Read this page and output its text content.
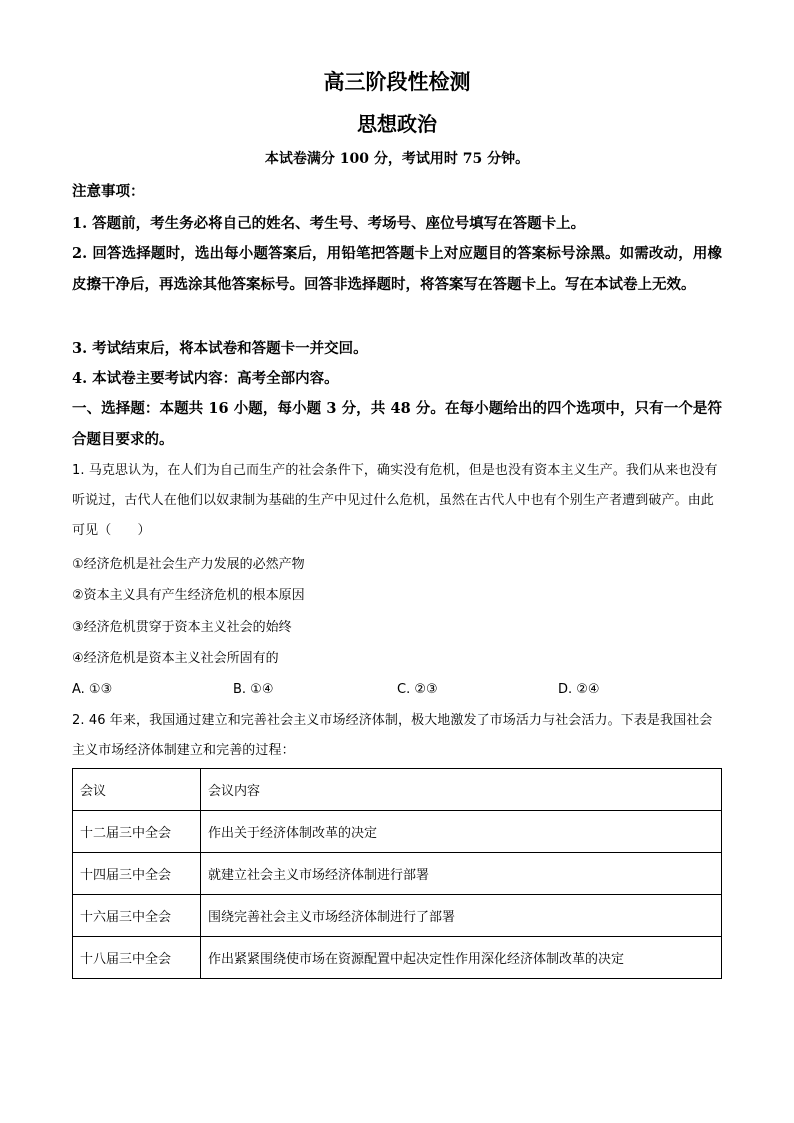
高三阶段性检测
思想政治
本试卷满分 100 分，考试用时 75 分钟。
注意事项：
1. 答题前，考生务必将自己的姓名、考生号、考场号、座位号填写在答题卡上。
2. 回答选择题时，选出每小题答案后，用铅笔把答题卡上对应题目的答案标号涂黑。如需改动，用橡皮擦干净后，再选涂其他答案标号。回答非选择题时，将答案写在答题卡上。写在本试卷上无效。
3. 考试结束后，将本试卷和答题卡一并交回。
4. 本试卷主要考试内容：高考全部内容。
一、选择题：本题共 16 小题，每小题 3 分，共 48 分。在每小题给出的四个选项中，只有一个是符合题目要求的。
1. 马克思认为，在人们为自己而生产的社会条件下，确实没有危机，但是也没有资本主义生产。我们从来也没有听说过，古代人在他们以奴隶制为基础的生产中见过什么危机，虽然在古代人中也有个别生产者遭到破产。由此可见（　　）
①经济危机是社会生产力发展的必然产物
②资本主义具有产生经济危机的根本原因
③经济危机贯穿于资本主义社会的始终
④经济危机是资本主义社会所固有的
A. ①③	B. ①④	C. ②③	D. ②④
2. 46 年来，我国通过建立和完善社会主义市场经济体制，极大地激发了市场活力与社会活力。下表是我国社会主义市场经济体制建立和完善的过程：
会议	会议内容
十二届三中全会	作出关于经济体制改革的决定
十四届三中全会	就建立社会主义市场经济体制进行部署
十六届三中全会	围绕完善社会主义市场经济体制进行了部署
十八届三中全会	作出紧紧围绕使市场在资源配置中起决定性作用深化经济体制改革的决定
